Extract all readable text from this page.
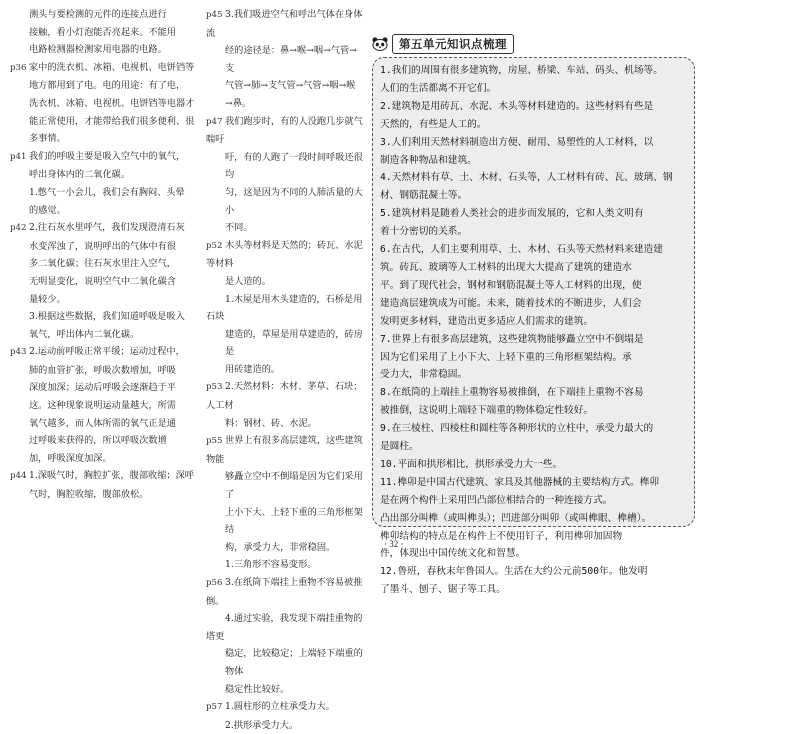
测头与要检测的元件的连接点进行
接触，看小灯泡能否亮起来。不能用
电路检测器检测家用电器的电路。
p36 家中的洗衣机、冰箱、电视机、电饼铛等
地方都用到了电。电的用途：有了电，
洗衣机、冰箱、电视机、电饼铛等电器才
能正常使用，才能带给我们很多便利、很
多事情。
p41 我们的呼吸主要是吸入空气中的氧气，
呼出身体内的二氧化碳。
1.憋气一小会儿，我们会有胸闷、头晕
的感觉。
p42 2.往石灰水里呼气，我们发现澄清石灰
水变浑浊了，说明呼出的气体中有很
多二氧化碳；往石灰水里注入空气，
无明显变化，说明空气中二氧化碳含
量较少。
3.根据这些数据，我们知道呼吸是吸入
氧气，呼出体内二氧化碳。
p43 2.运动前呼吸正常平缓；运动过程中，
肺的血管扩张，呼吸次数增加，呼吸
深度加深；运动后呼吸会逐渐趋于平
这。这种现象说明运动量越大，所需
氧气越多，而人体所需的氧气正是通
过呼吸来获得的，所以呼吸次数增
加，呼吸深度加深。
p44 1.深吸气时，胸腔扩张，腹部收缩；深呼
气时，胸腔收缩，腹部放松。
p45 3.我们吸进空气和呼出气体在身体流
经的途径是：鼻→喉→咽→气管→支
气管→肺→支气管→气管→咽→喉
→鼻。
p47 我们跑步时，有的人没跑几步就气喘吁
吁，有的人跑了一段时间呼吸还很均
匀，这是因为不同的人肺活量的大小
不同。
p52 木头等材料是天然的；砖瓦、水泥等材料
是人造的。
1.木屋是用木头建造的，石桥是用石块
建造的，草屋是用草建造的，砖房是
用砖建造的。
p53 2.天然材料：木材、茅草、石块；人工材
料：钢材、砖、水泥。
p55 世界上有很多高层建筑，这些建筑物能
够矗立空中不倒塌是因为它们采用了
上小下大、上轻下重的三角形框架结
构，承受力大，非常稳固。
1.三角形不容易变形。
p56 3.在纸筒下端挂上重物不容易被推倒。
4.通过实验，我发现下端挂重物的塔更
稳定，比较稳定；上端轻下端重的物体
稳定性比较好。
p57 1.圆柱形的立柱承受力大。
2.拱形承受力大。
第五单元知识点梳理
1.我们的周围有很多建筑物，房屋、桥梁、车站、码头、机场等。
人们的生活都离不开它们。
2.建筑物是用砖瓦、水泥、木头等材料建造的。这些材料有些是
天然的，有些是人工的。
3.人们利用天然材料制造出方便、耐用、易塑性的人工材料，以
制造各种物品和建筑。
4.天然材料有草、土、木材、石头等，人工材料有砖、瓦、玻璃、钢
材、钢筋混凝土等。
5.建筑材料是随着人类社会的进步而发展的，它和人类文明有
着十分密切的关系。
6.在古代，人们主要利用草、土、木材、石头等天然材料来建造建
筑。砖瓦、玻璃等人工材料的出现大大提高了建筑的建造水
平。到了现代社会，钢材和钢筋混凝土等人工材料的出现，使
建造高层建筑成为可能。未来，随着技术的不断进步，人们会
发明更多材料，建造出更多适应人们需求的建筑。
7.世界上有很多高层建筑，这些建筑物能够矗立空中不倒塌是
因为它们采用了上小下大、上轻下重的三角形框架结构。承
受力大，非常稳固。
8.在纸筒的上端挂上重物容易被推倒，在下端挂上重物不容易
被推倒，这说明上端轻下端重的物体稳定性较好。
9.在三棱柱、四棱柱和圆柱等各种形状的立柱中，承受力最大的
是圆柱。
10.平面和拱形相比，拱形承受力大一些。
11.榫卯是中国古代建筑、家具及其他器械的主要结构方式。榫卯
是在两个构件上采用凹凸部位相结合的一种连接方式。
凸出部分叫榫（或叫榫头）；凹进部分叫卯（或叫榫眼、榫槽）。
榫卯结构的特点是在构件上不使用钉子，利用榫卯加固物
件，体现出中国传统文化和智慧。
12.鲁班，春秋末年鲁国人。生活在大约公元前500年。他发明
了墨斗、刨子、锯子等工具。
· 32 ·
